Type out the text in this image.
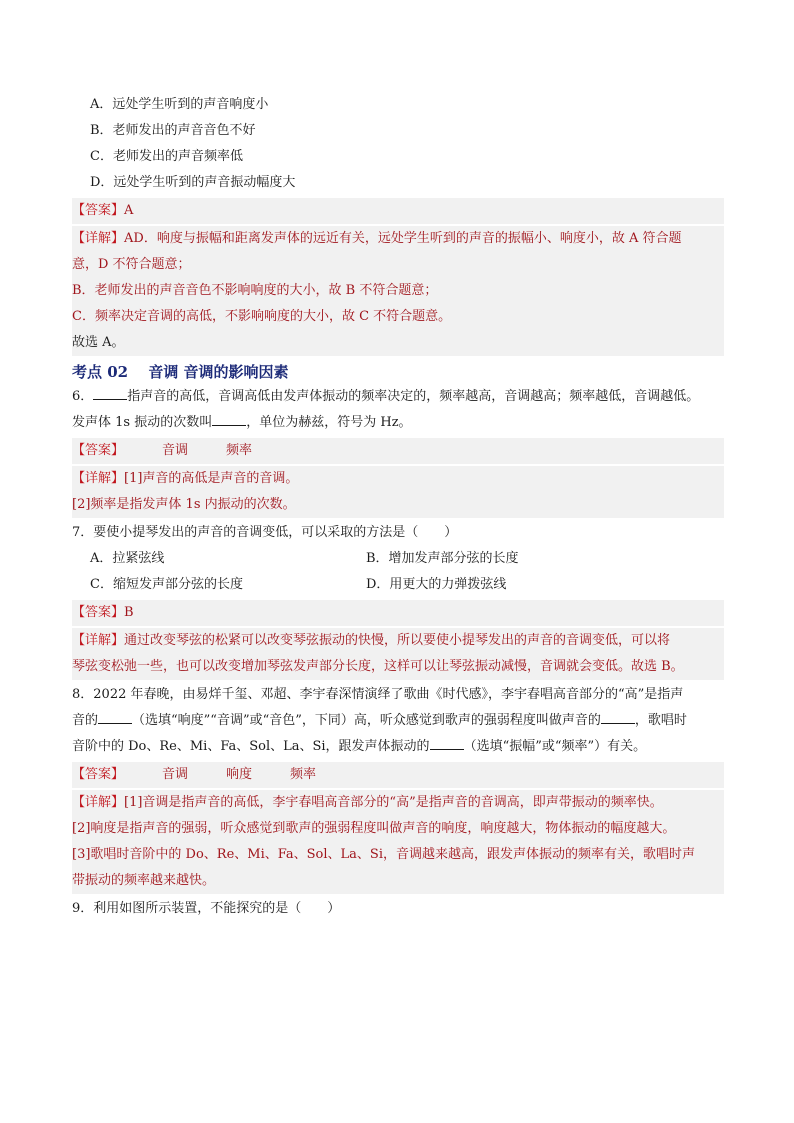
A．远处学生听到的声音响度小
B．老师发出的声音音色不好
C．老师发出的声音频率低
D．远处学生听到的声音振动幅度大
【答案】A
【详解】AD．响度与振幅和距离发声体的远近有关，远处学生听到的声音的振幅小、响度小，故 A 符合题
意，D 不符合题意；
B．老师发出的声音音色不影响响度的大小，故 B 不符合题意；
C．频率决定音调的高低，不影响响度的大小，故 C 不符合题意。
故选 A。
考点 02　 音调 音调的影响因素
6．	指声音的高低，音调高低由发声体振动的频率决定的，频率越高，音调越高；频率越低，音调越低。
发声体 1s 振动的次数叫	，单位为赫兹，符号为 Hz。
【答案】	音调	频率
【详解】[1]声音的高低是声音的音调。
[2]频率是指发声体 1s 内振动的次数。
7．要使小提琴发出的声音的音调变低，可以采取的方法是（　　）
A．拉紧弦线	B．增加发声部分弦的长度
C．缩短发声部分弦的长度	D．用更大的力弹拨弦线
【答案】B
【详解】通过改变琴弦的松紧可以改变琴弦振动的快慢，所以要使小提琴发出的声音的音调变低，可以将
琴弦变松弛一些，也可以改变增加琴弦发声部分长度，这样可以让琴弦振动减慢，音调就会变低。故选 B。
8．2022 年春晚，由易烊千玺、邓超、李宇春深情演绎了歌曲《时代感》，李宇春唱高音部分的“高”是指声
音的	（选填“响度”“音调”或“音色”，下同）高，听众感觉到歌声的强弱程度叫做声音的	，歌唱时
音阶中的 Do、Re、Mi、Fa、Sol、La、Si，跟发声体振动的	（选填“振幅”或“频率”）有关。
【答案】	音调	响度	频率
【详解】[1]音调是指声音的高低，李宇春唱高音部分的“高”是指声音的音调高，即声带振动的频率快。
[2]响度是指声音的强弱，听众感觉到歌声的强弱程度叫做声音的响度，响度越大，物体振动的幅度越大。
[3]歌唱时音阶中的 Do、Re、Mi、Fa、Sol、La、Si，音调越来越高，跟发声体振动的频率有关，歌唱时声
带振动的频率越来越快。
9．利用如图所示装置，不能探究的是（　　）
